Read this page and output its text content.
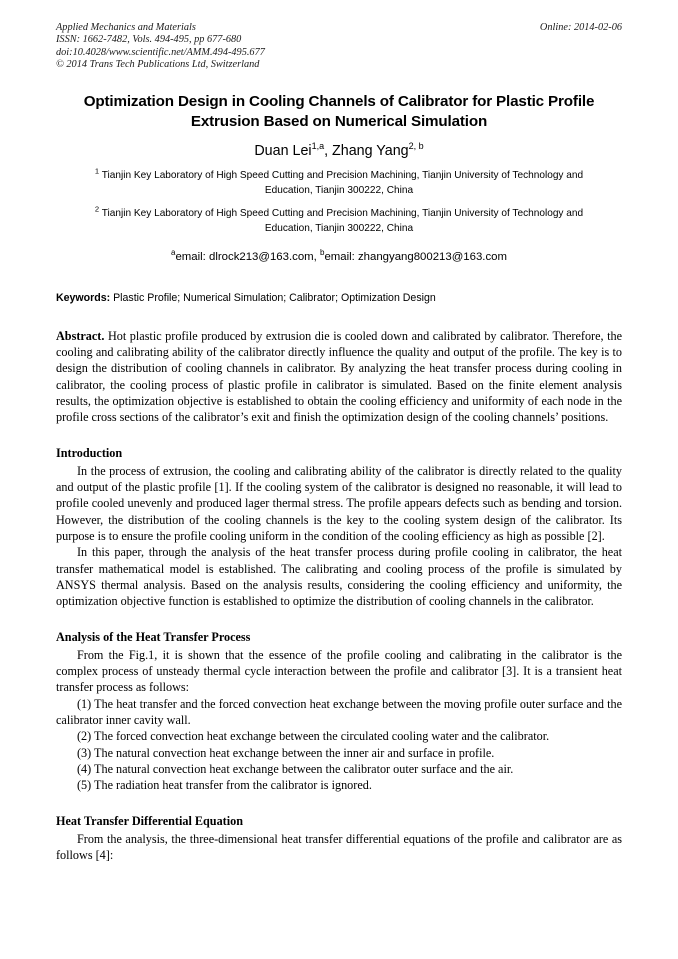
Applied Mechanics and Materials
ISSN: 1662-7482, Vols. 494-495, pp 677-680
doi:10.4028/www.scientific.net/AMM.494-495.677
© 2014 Trans Tech Publications Ltd, Switzerland
Online: 2014-02-06
Optimization Design in Cooling Channels of Calibrator for Plastic Profile Extrusion Based on Numerical Simulation
Duan Lei$^{1,a}$, Zhang Yang$^{2, b}$
$^1$ Tianjin Key Laboratory of High Speed Cutting and Precision Machining, Tianjin University of Technology and Education, Tianjin 300222, China
$^2$ Tianjin Key Laboratory of High Speed Cutting and Precision Machining, Tianjin University of Technology and Education, Tianjin 300222, China
$^a$email: dlrock213@163.com, $^b$email: zhangyang800213@163.com
Keywords: Plastic Profile; Numerical Simulation; Calibrator; Optimization Design
Abstract. Hot plastic profile produced by extrusion die is cooled down and calibrated by calibrator. Therefore, the cooling and calibrating ability of the calibrator directly influence the quality and output of the profile. The key is to design the distribution of cooling channels in calibrator. By analyzing the heat transfer process during cooling in calibrator, the cooling process of plastic profile in calibrator is simulated. Based on the finite element analysis results, the optimization objective is established to obtain the cooling efficiency and uniformity of each node in the profile cross sections of the calibrator’s exit and finish the optimization design of the cooling channels’ positions.
Introduction

In the process of extrusion, the cooling and calibrating ability of the calibrator is directly related to the quality and output of the plastic profile [1]. If the cooling system of the calibrator is designed no reasonable, it will lead to profile cooled unevenly and produced lager thermal stress. The profile appears defects such as bending and torsion. However, the distribution of the cooling channels is the key to the cooling system design of the calibrator. Its purpose is to ensure the profile cooling uniform in the condition of the cooling efficiency as high as possible [2].

In this paper, through the analysis of the heat transfer process during profile cooling in calibrator, the heat transfer mathematical model is established. The calibrating and cooling process of the profile is simulated by ANSYS thermal analysis. Based on the analysis results, considering the cooling efficiency and uniformity, the optimization objective function is established to optimize the distribution of cooling channels in the calibrator.

Analysis of the Heat Transfer Process

From the Fig.1, it is shown that the essence of the profile cooling and calibrating in the calibrator is the complex process of unsteady thermal cycle interaction between the profile and calibrator [3]. It is a transient heat transfer process as follows:

(1) The heat transfer and the forced convection heat exchange between the moving profile outer surface and the calibrator inner cavity wall.

(2) The forced convection heat exchange between the circulated cooling water and the calibrator.

(3) The natural convection heat exchange between the inner air and surface in profile.

(4) The natural convection heat exchange between the calibrator outer surface and the air.

(5) The radiation heat transfer from the calibrator is ignored.

Heat Transfer Differential Equation

From the analysis, the three-dimensional heat transfer differential equations of the profile and calibrator are as follows [4]:
